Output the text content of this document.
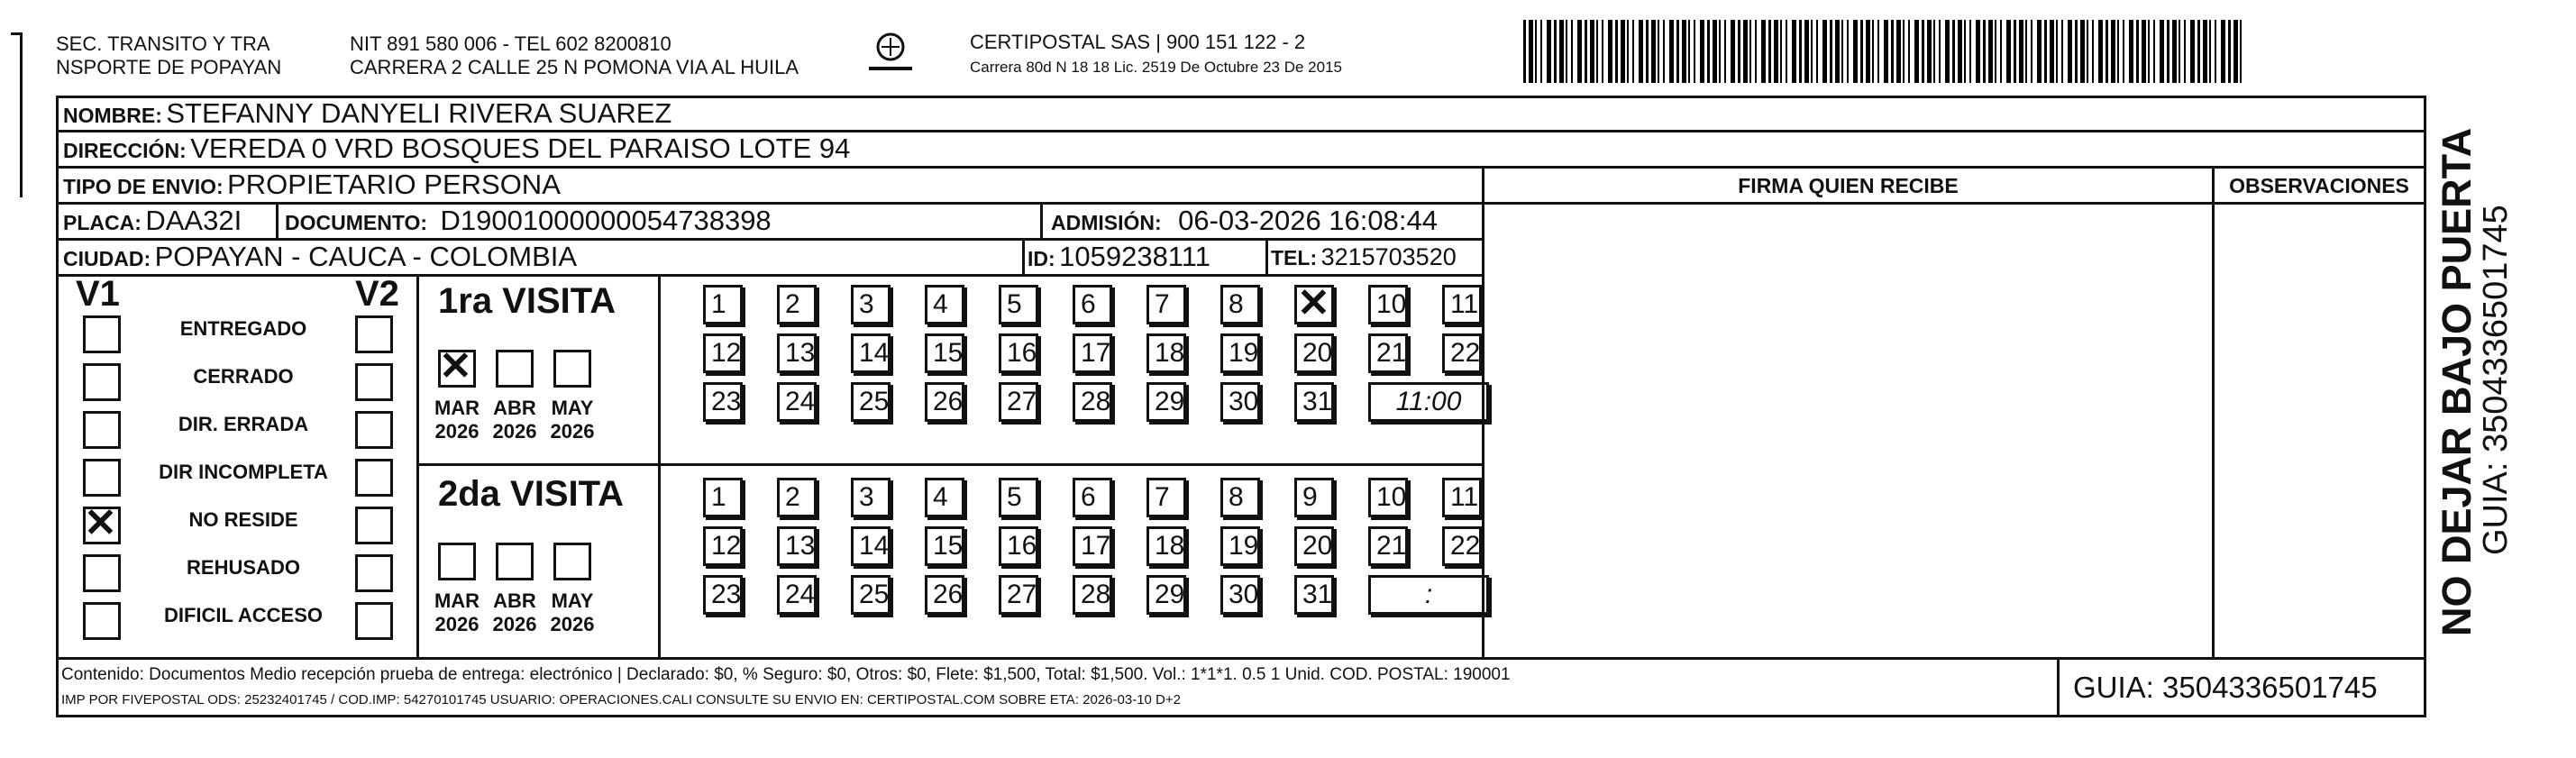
SEC. TRANSITO Y TRA
NSPORTE DE POPAYAN
NIT 891 580 006 - TEL 602 8200810
CARRERA 2 CALLE 25 N POMONA VIA AL HUILA
CERTIPOSTAL SAS | 900 151 122 - 2
Carrera 80d N 18 18 Lic. 2519 De Octubre 23 De 2015
NOMBRE: STEFANNY DANYELI RIVERA SUAREZ
DIRECCIÓN: VEREDA 0 VRD BOSQUES DEL PARAISO LOTE 94
TIPO DE ENVIO: PROPIETARIO PERSONA	FIRMA QUIEN RECIBE	OBSERVACIONES
PLACA: DAA32I DOCUMENTO: D19001000000054738398	ADMISIÓN: 06-03-2026 16:08:44
CIUDAD: POPAYAN - CAUCA - COLOMBIA	ID: 1059238111	TEL: 3215703520
V1	V2
ENTREGADO
CERRADO
DIR. ERRADA
DIR INCOMPLETA
✕	NO RESIDE
REHUSADO
DIFICIL ACCESO
1ra VISITA
✕
MAR
2026
ABR
2026
MAY
2026
1	2	3	4	5	6	7	8	✕	10	11
12	13	14	15	16	17	18	19	20	21	22
23	24	25	26	27	28	29	30	31	11:00
2da VISITA
MAR
2026
ABR
2026
MAY
2026
1	2	3	4	5	6	7	8	9	10	11
12	13	14	15	16	17	18	19	20	21	22
23	24	25	26	27	28	29	30	31	:
Contenido: Documentos Medio recepción prueba de entrega: electrónico | Declarado: $0, % Seguro: $0, Otros: $0, Flete: $1,500, Total: $1,500. Vol.: 1*1*1. 0.5 1 Unid. COD. POSTAL: 190001
IMP POR FIVEPOSTAL ODS: 25232401745 / COD.IMP: 54270101745 USUARIO: OPERACIONES.CALI CONSULTE SU ENVIO EN: CERTIPOSTAL.COM SOBRE ETA: 2026-03-10 D+2	GUIA: 3504336501745
NO DEJAR BAJO PUERTA
GUIA: 3504336501745
